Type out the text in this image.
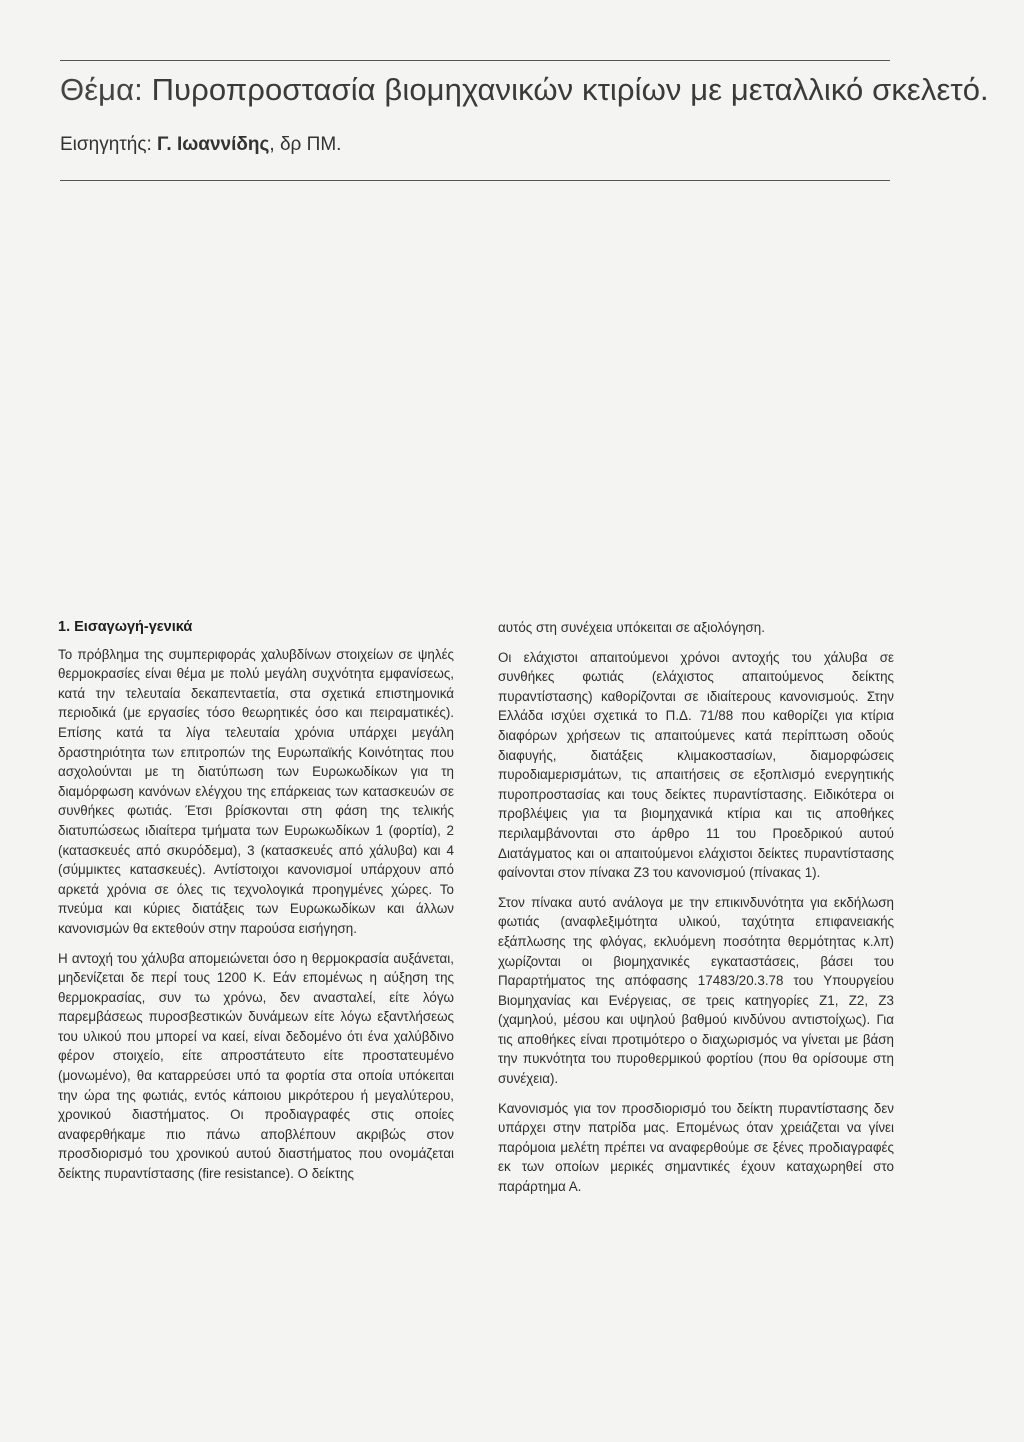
Θέμα: Πυροπροστασία βιομηχανικών κτιρίων με μεταλλικό σκελετό.
Εισηγητής: Γ. Ιωαννίδης, δρ ΠΜ.
1. Εισαγωγή-γενικά

Το πρόβλημα της συμπεριφοράς χαλυβδίνων στοιχείων σε ψηλές θερμοκρασίες είναι θέμα με πολύ μεγάλη συχνότητα εμφανίσεως, κατά την τελευταία δεκαπενταετία, στα σχετικά επιστημονικά περιοδικά (με εργασίες τόσο θεωρητικές όσο και πειραματικές). Επίσης κατά τα λίγα τελευταία χρόνια υπάρχει μεγάλη δραστηριότητα των επιτροπών της Ευρωπαϊκής Κοινότητας που ασχολούνται με τη διατύπωση των Ευρωκωδίκων για τη διαμόρφωση κανόνων ελέγχου της επάρκειας των κατασκευών σε συνθήκες φωτιάς. Έτσι βρίσκονται στη φάση της τελικής διατυπώσεως ιδιαίτερα τμήματα των Ευρωκωδίκων 1 (φορτία), 2 (κατασκευές από σκυρόδεμα), 3 (κατασκευές από χάλυβα) και 4 (σύμμικτες κατασκευές). Αντίστοιχοι κανονισμοί υπάρχουν από αρκετά χρόνια σε όλες τις τεχνολογικά προηγμένες χώρες. Το πνεύμα και κύριες διατάξεις των Ευρωκωδίκων και άλλων κανονισμών θα εκτεθούν στην παρούσα εισήγηση.

Η αντοχή του χάλυβα απομειώνεται όσο η θερμοκρασία αυξάνεται, μηδενίζεται δε περί τους 1200 Κ. Εάν επομένως η αύξηση της θερμοκρασίας, συν τω χρόνω, δεν ανασταλεί, είτε λόγω παρεμβάσεως πυροσβεστικών δυνάμεων είτε λόγω εξαντλήσεως του υλικού που μπορεί να καεί, είναι δεδομένο ότι ένα χαλύβδινο φέρον στοιχείο, είτε απροστάτευτο είτε προστατευμένο (μονωμένο), θα καταρρεύσει υπό τα φορτία στα οποία υπόκειται την ώρα της φωτιάς, εντός κάποιου μικρότερου ή μεγαλύτερου, χρονικού διαστήματος. Οι προδιαγραφές στις οποίες αναφερθήκαμε πιο πάνω αποβλέπουν ακριβώς στον προσδιορισμό του χρονικού αυτού διαστήματος που ονομάζεται δείκτης πυραντίστασης (fire resistance). Ο δείκτης

αυτός στη συνέχεια υπόκειται σε αξιολόγηση.

Οι ελάχιστοι απαιτούμενοι χρόνοι αντοχής του χάλυβα σε συνθήκες φωτιάς (ελάχιστος απαιτούμενος δείκτης πυραντίστασης) καθορίζονται σε ιδιαίτερους κανονισμούς. Στην Ελλάδα ισχύει σχετικά το Π.Δ. 71/88 που καθορίζει για κτίρια διαφόρων χρήσεων τις απαιτούμενες κατά περίπτωση οδούς διαφυγής, διατάξεις κλιμακοστασίων, διαμορφώσεις πυροδιαμερισμάτων, τις απαιτήσεις σε εξοπλισμό ενεργητικής πυροπροστασίας και τους δείκτες πυραντίστασης. Ειδικότερα οι προβλέψεις για τα βιομηχανικά κτίρια και τις αποθήκες περιλαμβάνονται στο άρθρο 11 του Προεδρικού αυτού Διατάγματος και οι απαιτούμενοι ελάχιστοι δείκτες πυραντίστασης φαίνονται στον πίνακα Ζ3 του κανονισμού (πίνακας 1).

Στον πίνακα αυτό ανάλογα με την επικινδυνότητα για εκδήλωση φωτιάς (αναφλεξιμότητα υλικού, ταχύτητα επιφανειακής εξάπλωσης της φλόγας, εκλυόμενη ποσότητα θερμότητας κ.λπ) χωρίζονται οι βιομηχανικές εγκαταστάσεις, βάσει του Παραρτήματος της απόφασης 17483/20.3.78 του Υπουργείου Βιομηχανίας και Ενέργειας, σε τρεις κατηγορίες Ζ1, Ζ2, Ζ3 (χαμηλού, μέσου και υψηλού βαθμού κινδύνου αντιστοίχως). Για τις αποθήκες είναι προτιμότερο ο διαχωρισμός να γίνεται με βάση την πυκνότητα του πυροθερμικού φορτίου (που θα ορίσουμε στη συνέχεια).

Κανονισμός για τον προσδιορισμό του δείκτη πυραντίστασης δεν υπάρχει στην πατρίδα μας. Επομένως όταν χρειάζεται να γίνει παρόμοια μελέτη πρέπει να αναφερθούμε σε ξένες προδιαγραφές εκ των οποίων μερικές σημαντικές έχουν καταχωρηθεί στο παράρτημα Α.
